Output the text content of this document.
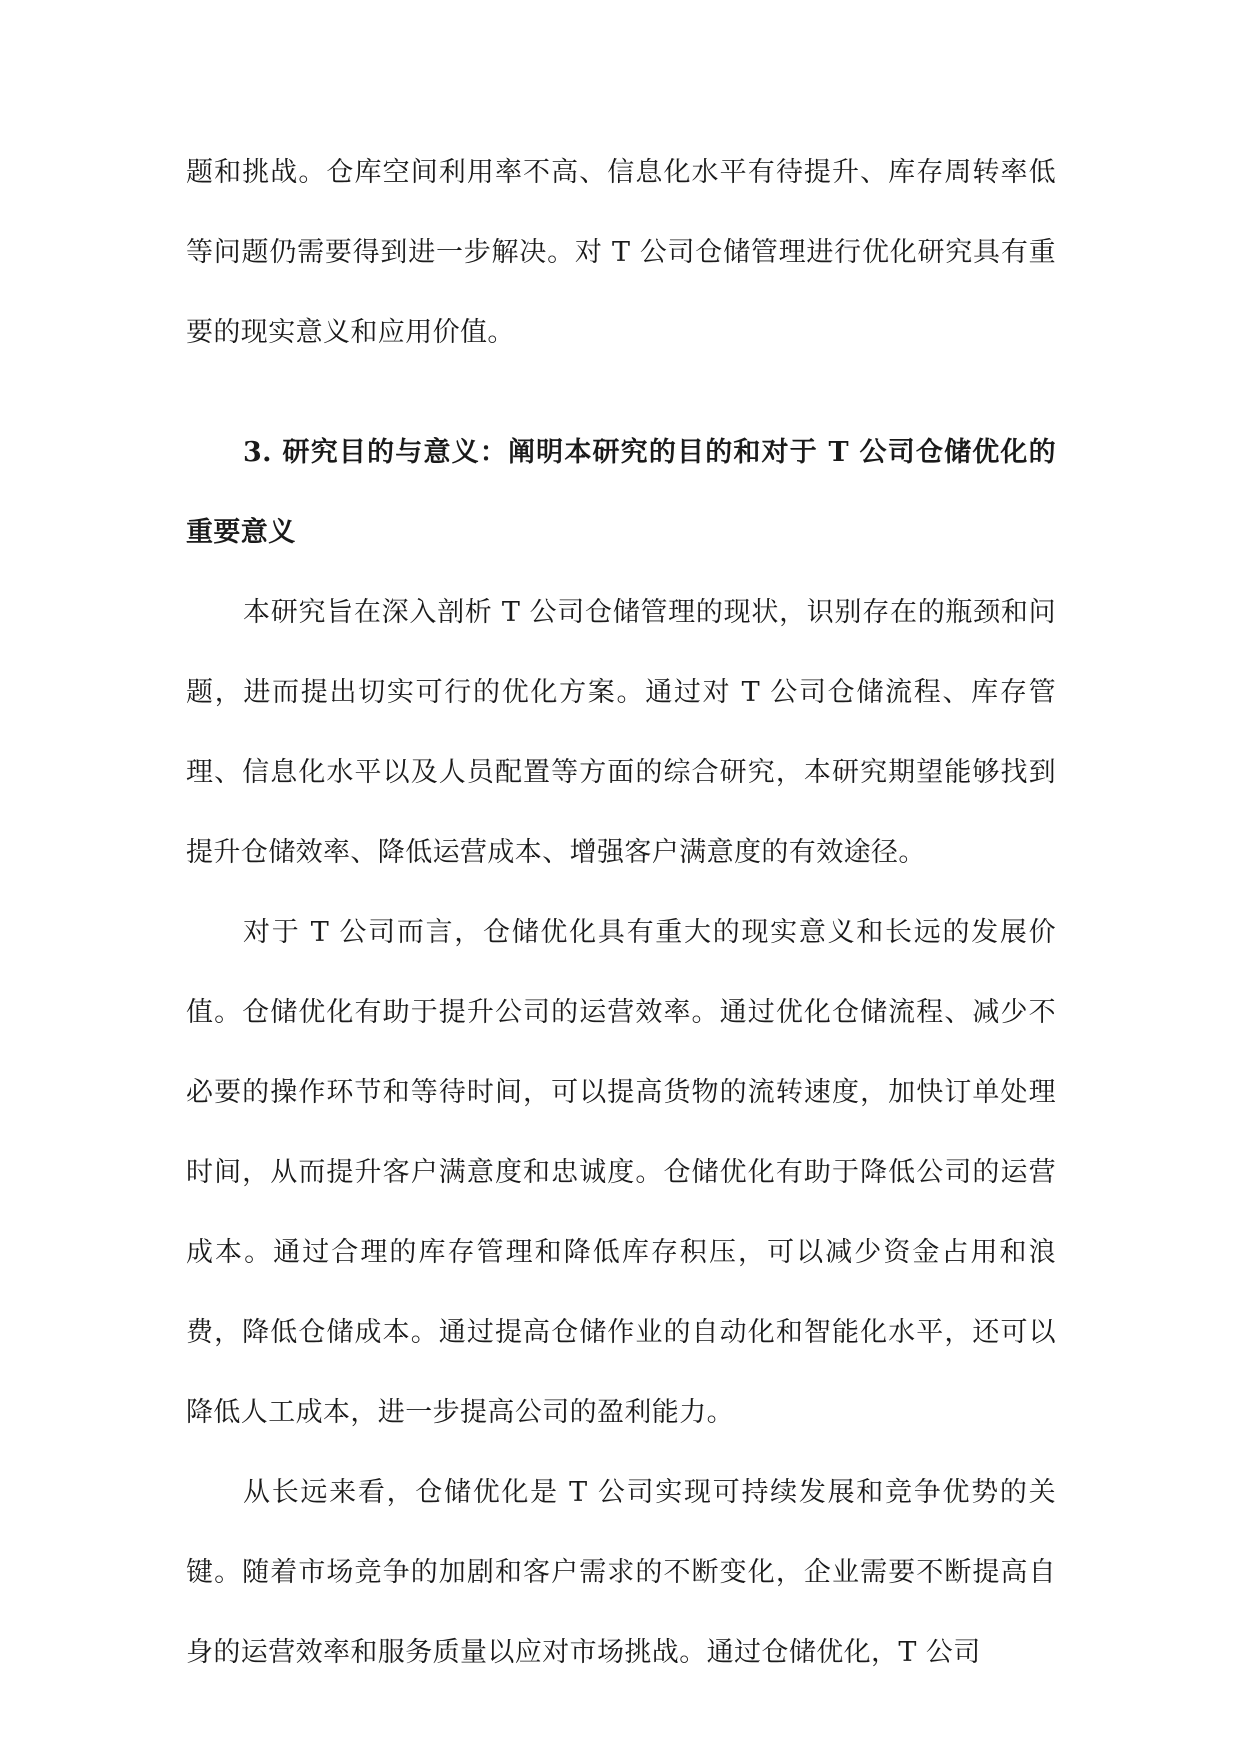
题和挑战。仓库空间利用率不高、信息化水平有待提升、库存周转率低等问题仍需要得到进一步解决。对 T 公司仓储管理进行优化研究具有重要的现实意义和应用价值。

3. 研究目的与意义：阐明本研究的目的和对于 T 公司仓储优化的重要意义

本研究旨在深入剖析 T 公司仓储管理的现状，识别存在的瓶颈和问题，进而提出切实可行的优化方案。通过对 T 公司仓储流程、库存管理、信息化水平以及人员配置等方面的综合研究，本研究期望能够找到提升仓储效率、降低运营成本、增强客户满意度的有效途径。

对于 T 公司而言，仓储优化具有重大的现实意义和长远的发展价值。仓储优化有助于提升公司的运营效率。通过优化仓储流程、减少不必要的操作环节和等待时间，可以提高货物的流转速度，加快订单处理时间，从而提升客户满意度和忠诚度。仓储优化有助于降低公司的运营成本。通过合理的库存管理和降低库存积压，可以减少资金占用和浪费，降低仓储成本。通过提高仓储作业的自动化和智能化水平，还可以降低人工成本，进一步提高公司的盈利能力。

从长远来看，仓储优化是 T 公司实现可持续发展和竞争优势的关键。随着市场竞争的加剧和客户需求的不断变化，企业需要不断提高自身的运营效率和服务质量以应对市场挑战。通过仓储优化，T 公司
